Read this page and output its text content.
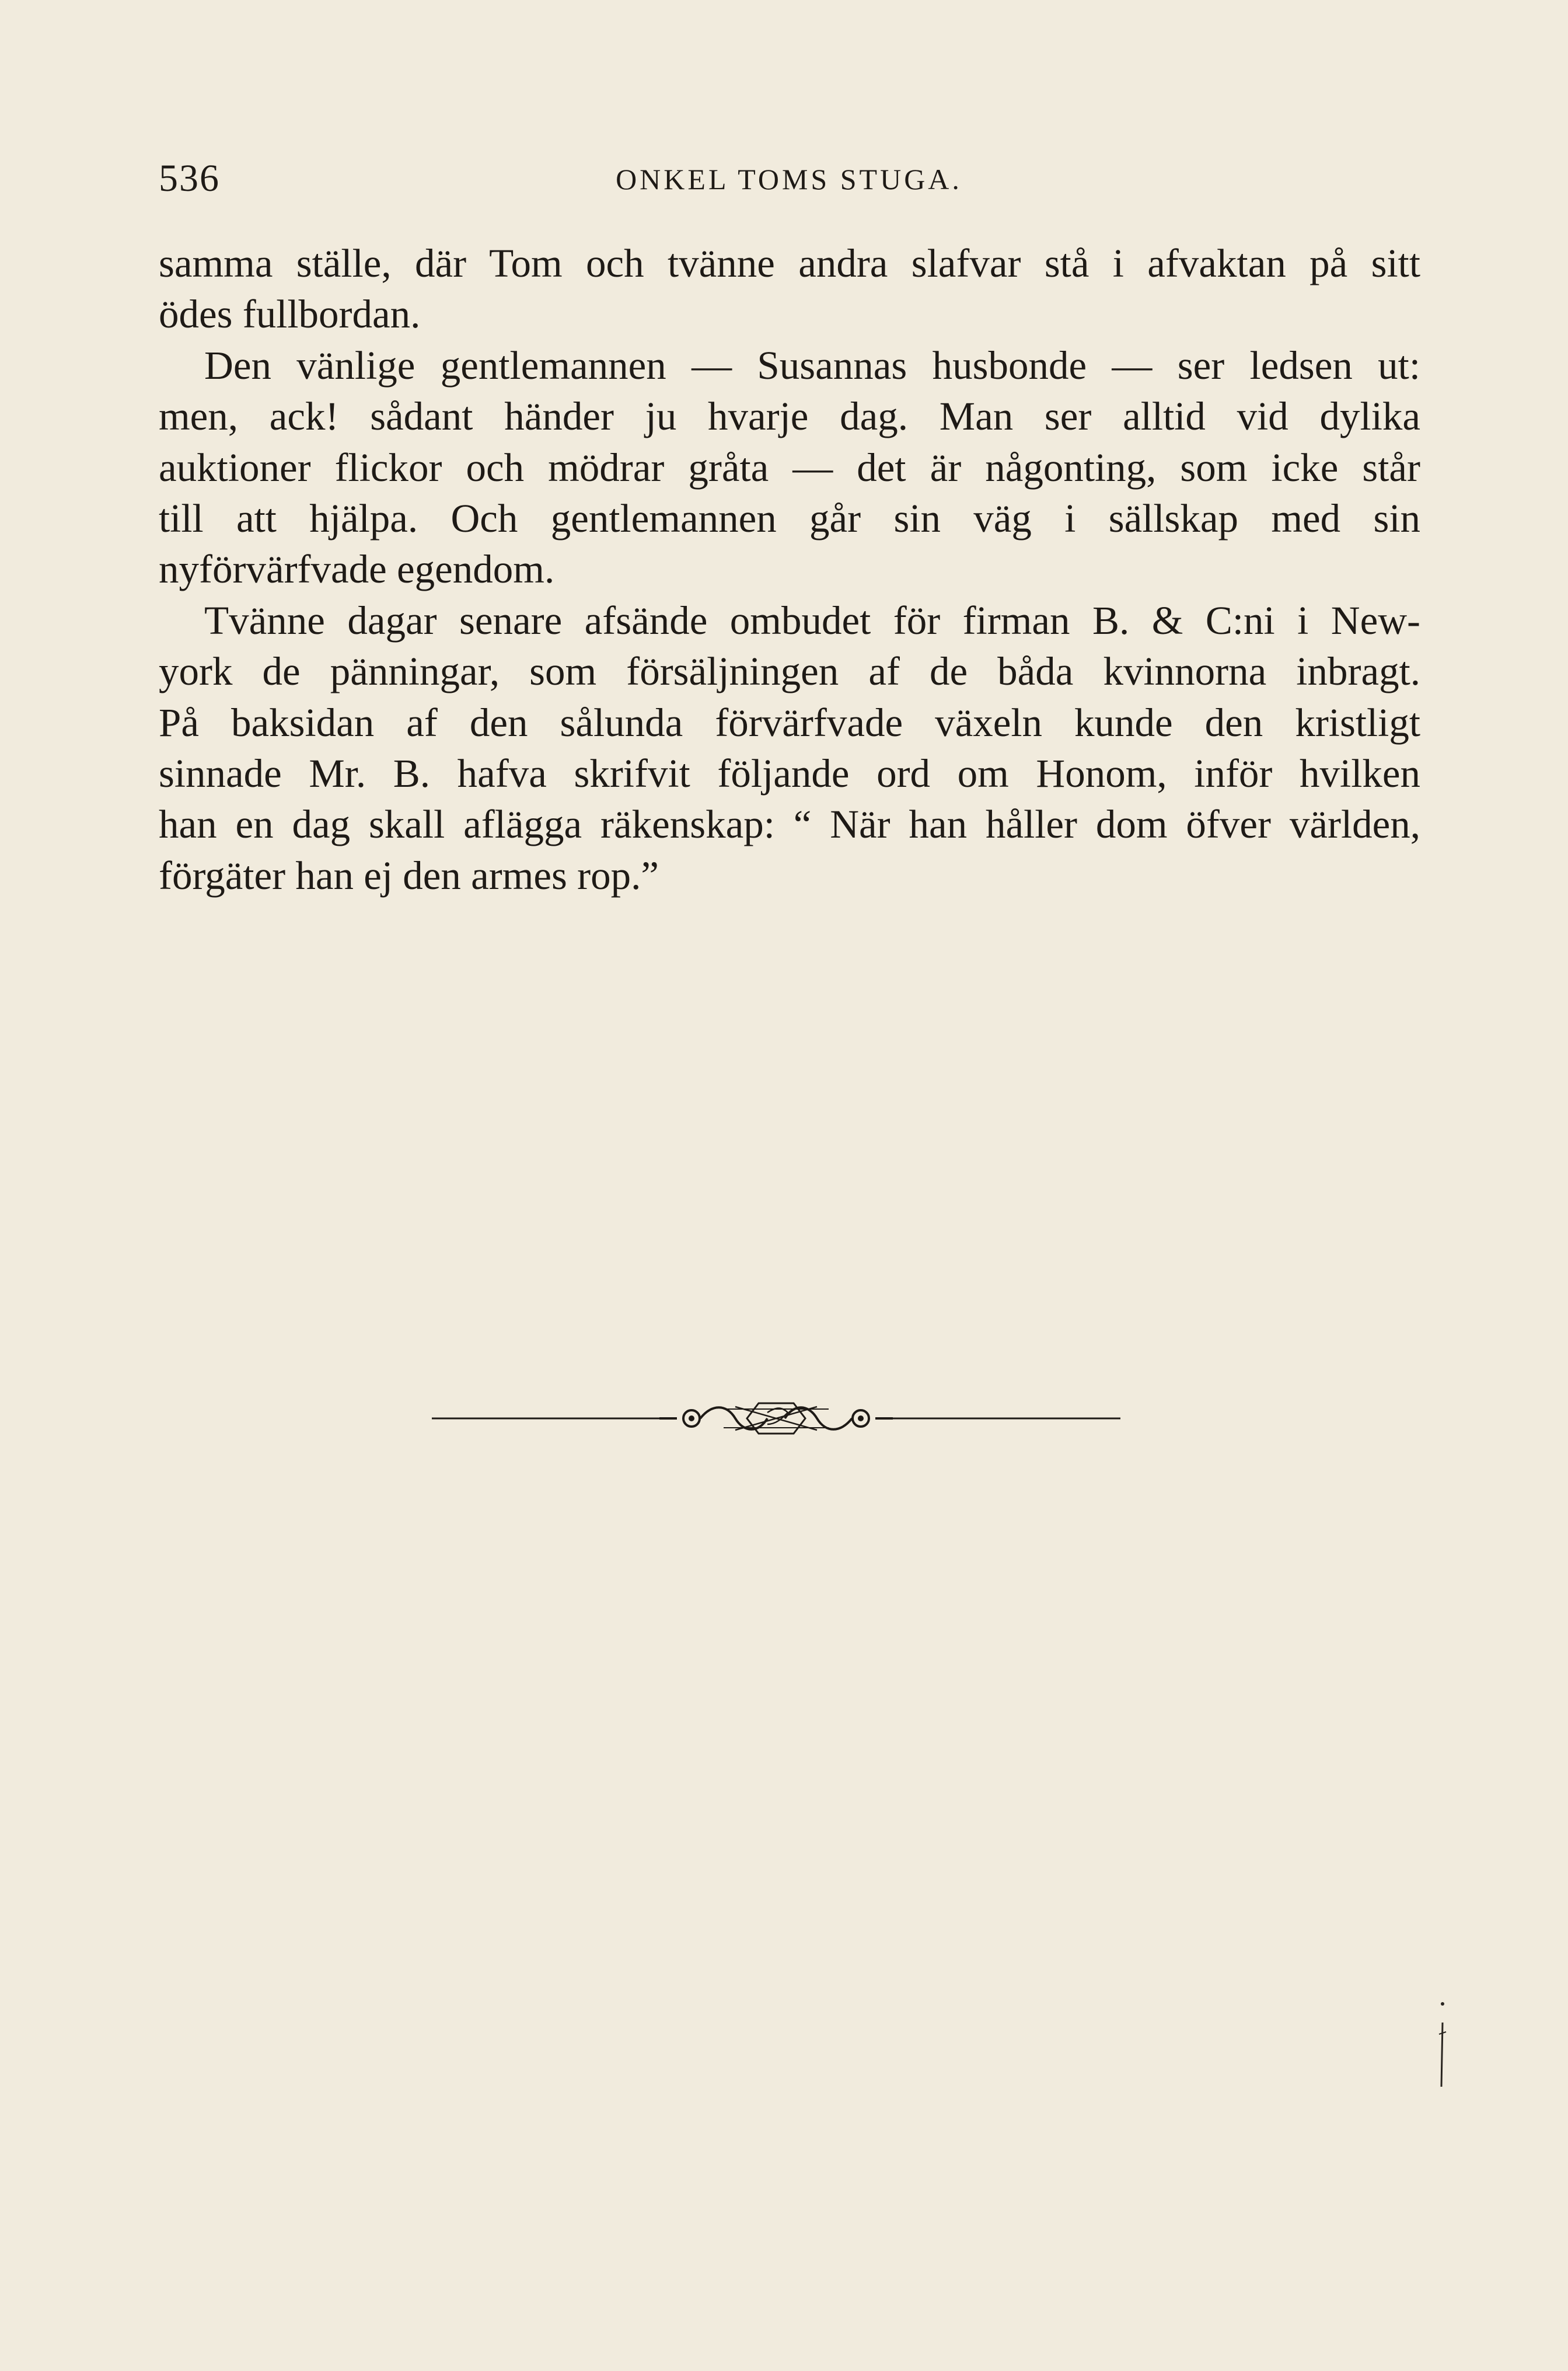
536	ONKEL TOMS STUGA.
samma ställe, där Tom och tvänne andra slafvar stå i afvaktan på sitt
ödes fullbordan.
Den vänlige gentlemannen — Susannas husbonde — ser ledsen ut:
men, ack! sådant händer ju hvarje dag. Man ser alltid vid dylika
auktioner flickor och mödrar gråta — det är någonting, som icke står
till att hjälpa. Och gentlemannen går sin väg i sällskap med sin
nyförvärfvade egendom.
Tvänne dagar senare afsände ombudet för firman B. & C:ni i New-
york de pänningar, som försäljningen af de båda kvinnorna inbragt.
På baksidan af den sålunda förvärfvade växeln kunde den kristligt
sinnade Mr. B. hafva skrifvit följande ord om Honom, inför hvilken
han en dag skall aflägga räkenskap: “ När han håller dom öfver världen,
förgäter han ej den armes rop.”
